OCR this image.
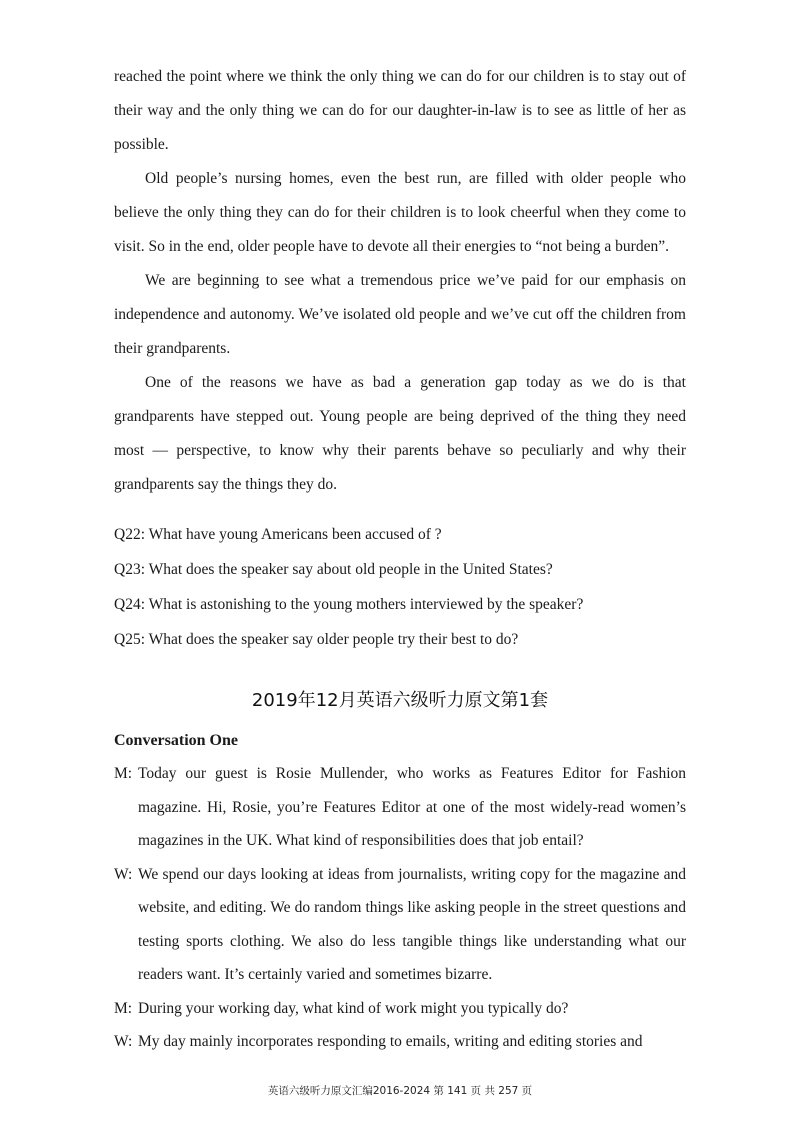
reached the point where we think the only thing we can do for our children is to stay out of their way and the only thing we can do for our daughter-in-law is to see as little of her as possible.

Old people’s nursing homes, even the best run, are filled with older people who believe the only thing they can do for their children is to look cheerful when they come to visit. So in the end, older people have to devote all their energies to “not being a burden”.

We are beginning to see what a tremendous price we’ve paid for our emphasis on independence and autonomy. We’ve isolated old people and we’ve cut off the children from their grandparents.

One of the reasons we have as bad a generation gap today as we do is that grandparents have stepped out. Young people are being deprived of the thing they need most — perspective, to know why their parents behave so peculiarly and why their grandparents say the things they do.

Q22: What have young Americans been accused of ?

Q23: What does the speaker say about old people in the United States?

Q24: What is astonishing to the young mothers interviewed by the speaker?

Q25: What does the speaker say older people try their best to do?

2019年12月英语六级听力原文第1套
Conversation One

M: Today our guest is Rosie Mullender, who works as Features Editor for Fashion magazine. Hi, Rosie, you’re Features Editor at one of the most widely-read women’s magazines in the UK. What kind of responsibilities does that job entail?

W: We spend our days looking at ideas from journalists, writing copy for the magazine and website, and editing. We do random things like asking people in the street questions and testing sports clothing. We also do less tangible things like understanding what our readers want. It’s certainly varied and sometimes bizarre.

M: During your working day, what kind of work might you typically do?

W: My day mainly incorporates responding to emails, writing and editing stories and

英语六级听力原文汇编2016-2024 第 141 页 共 257 页
